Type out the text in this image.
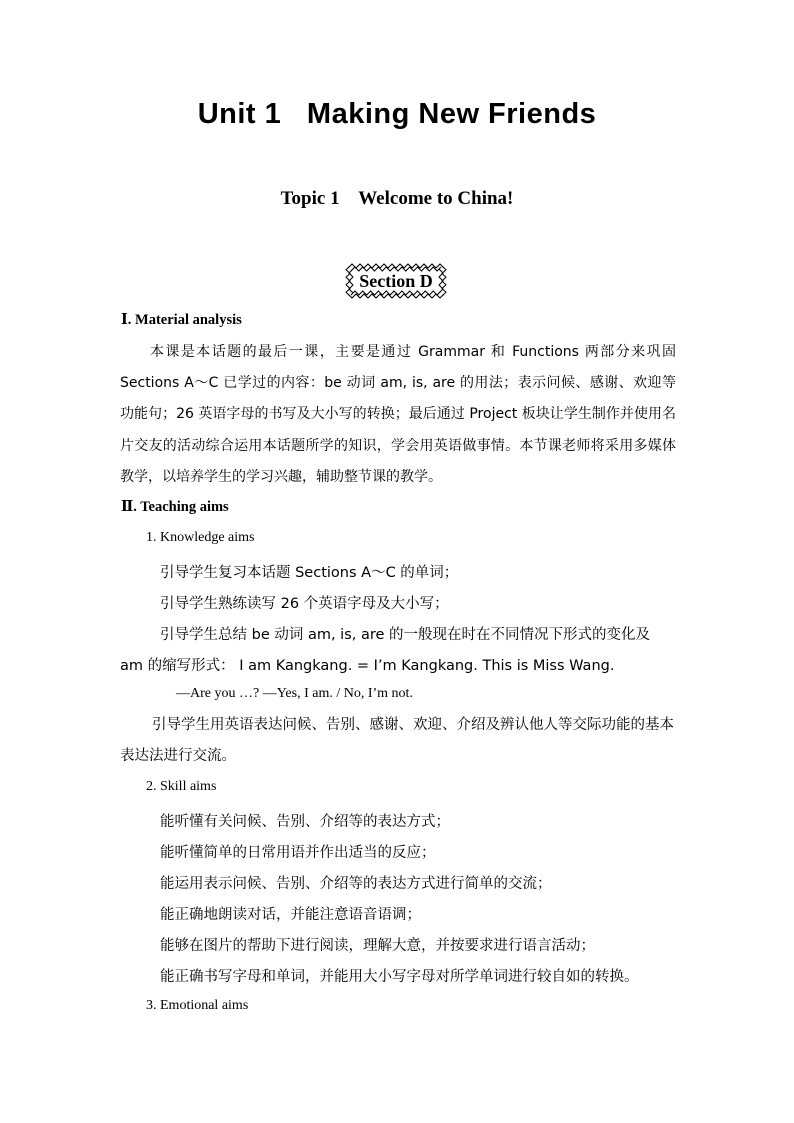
Unit 1   Making New Friends
Topic 1    Welcome to China!
Section D
Ⅰ. Material analysis
本课是本话题的最后一课，主要是通过 Grammar 和 Functions 两部分来巩固 Sections A～C 已学过的内容：be 动词 am, is, are 的用法；表示问候、感谢、欢迎等功能句；26 英语字母的书写及大小写的转换；最后通过 Project 板块让学生制作并使用名片交友的活动综合运用本话题所学的知识，学会用英语做事情。本节课老师将采用多媒体教学，以培养学生的学习兴趣，辅助整节课的教学。
Ⅱ. Teaching aims
1. Knowledge aims
引导学生复习本话题 Sections A～C 的单词；
引导学生熟练读写 26 个英语字母及大小写；
引导学生总结 be 动词 am, is, are 的一般现在时在不同情况下形式的变化及
am 的缩写形式： I am Kangkang. = I’m Kangkang. This is Miss Wang.
—Are you …? —Yes, I am. / No, I’m not.
引导学生用英语表达问候、告别、感谢、欢迎、介绍及辨认他人等交际功能的基本表达法进行交流。
2. Skill aims
能听懂有关问候、告别、介绍等的表达方式；
能听懂简单的日常用语并作出适当的反应；
能运用表示问候、告别、介绍等的表达方式进行简单的交流；
能正确地朗读对话，并能注意语音语调；
能够在图片的帮助下进行阅读，理解大意，并按要求进行语言活动；
能正确书写字母和单词，并能用大小写字母对所学单词进行较自如的转换。
3. Emotional aims
